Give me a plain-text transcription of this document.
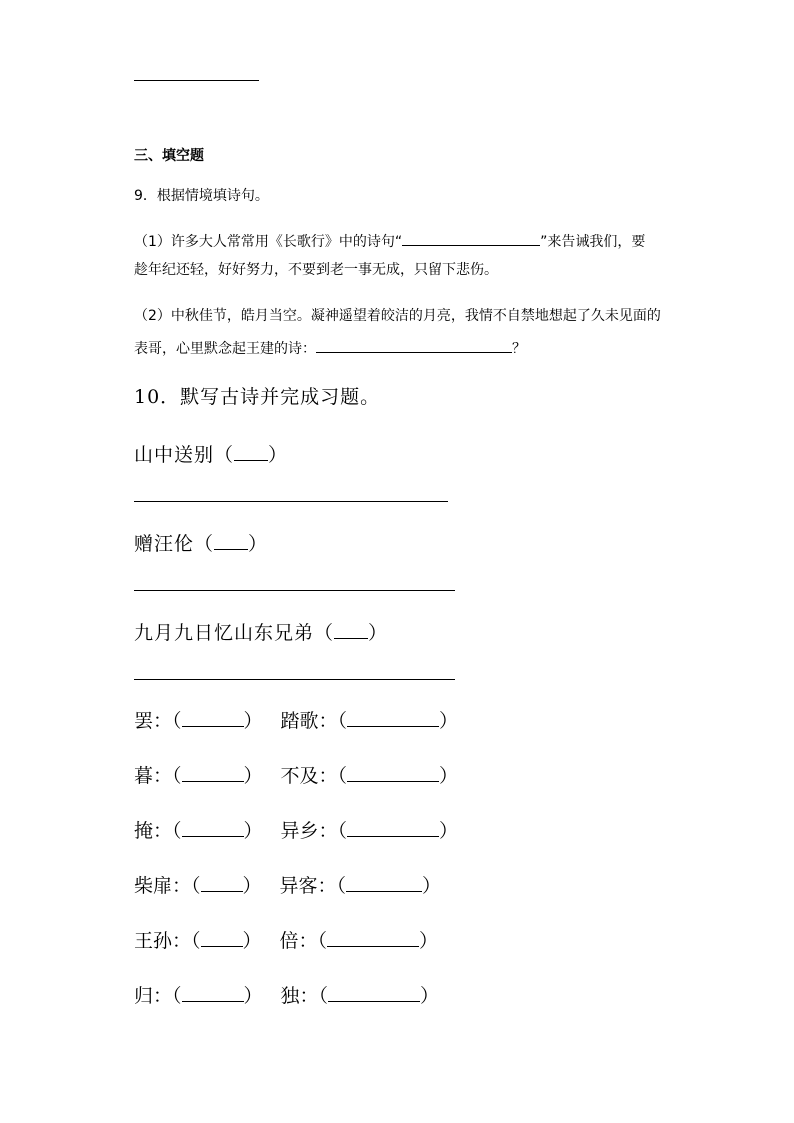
三、填空题
9．根据情境填诗句。
（1）许多大人常常用《长歌行》中的诗句“	”来告诫我们，要
趁年纪还轻，好好努力，不要到老一事无成，只留下悲伤。
（2）中秋佳节，皓月当空。凝神遥望着皎洁的月亮，我情不自禁地想起了久未见面的
表哥，心里默念起王建的诗：	？
10．默写古诗并完成习题。
山中送别（ ）
赠汪伦（ ）
九月九日忆山东兄弟（ ）
罢：（	） 踏歌：（	）
暮：（	） 不及：（	）
掩：（	） 异乡：（	）
柴扉：（ ） 异客：（	）
王孙：（ ） 倍：（	）
归：（	） 独：（	）
